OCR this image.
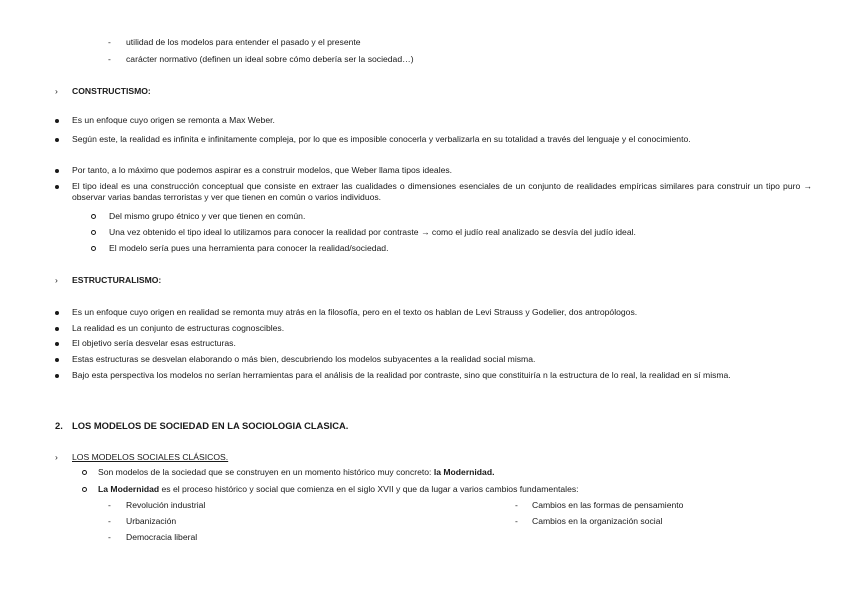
- utilidad de los modelos para entender el pasado y el presente
- carácter normativo (definen un ideal sobre cómo debería ser la sociedad…)
› CONSTRUCTISMO:
Es un enfoque cuyo origen se remonta a Max Weber.
Según este, la realidad es infinita e infinitamente compleja, por lo que es imposible conocerla y verbalizarla en su totalidad a través del lenguaje y el conocimiento.
Por tanto, a lo máximo que podemos aspirar es a construir modelos, que Weber llama tipos ideales.
El tipo ideal es una construcción conceptual que consiste en extraer las cualidades o dimensiones esenciales de un conjunto de realidades empíricas similares para construir un tipo puro → observar varias bandas terroristas y ver que tienen en común o varios individuos.
Del mismo grupo étnico y ver que tienen en común.
Una vez obtenido el tipo ideal lo utilizamos para conocer la realidad por contraste → como el judío real analizado se desvía del judío ideal.
El modelo sería pues una herramienta para conocer la realidad/sociedad.
› ESTRUCTURALISMO:
Es un enfoque cuyo origen en realidad se remonta muy atrás en la filosofía, pero en el texto os hablan de Levi Strauss y Godelier, dos antropólogos.
La realidad es un conjunto de estructuras cognoscibles.
El objetivo sería desvelar esas estructuras.
Estas estructuras se desvelan elaborando o más bien, descubriendo los modelos subyacentes a la realidad social misma.
Bajo esta perspectiva los modelos no serían herramientas para el análisis de la realidad por contraste, sino que constituiría n la estructura de lo real, la realidad en sí misma.
2. LOS MODELOS DE SOCIEDAD EN LA SOCIOLOGIA CLASICA.
› LOS MODELOS SOCIALES CLÁSICOS.
Son modelos de la sociedad que se construyen en un momento histórico muy concreto: la Modernidad.
La Modernidad es el proceso histórico y social que comienza en el siglo XVII y que da lugar a varios cambios fundamentales:
- Revolución industrial
- Urbanización
- Democracia liberal
- Cambios en las formas de pensamiento
- Cambios en la organización social
